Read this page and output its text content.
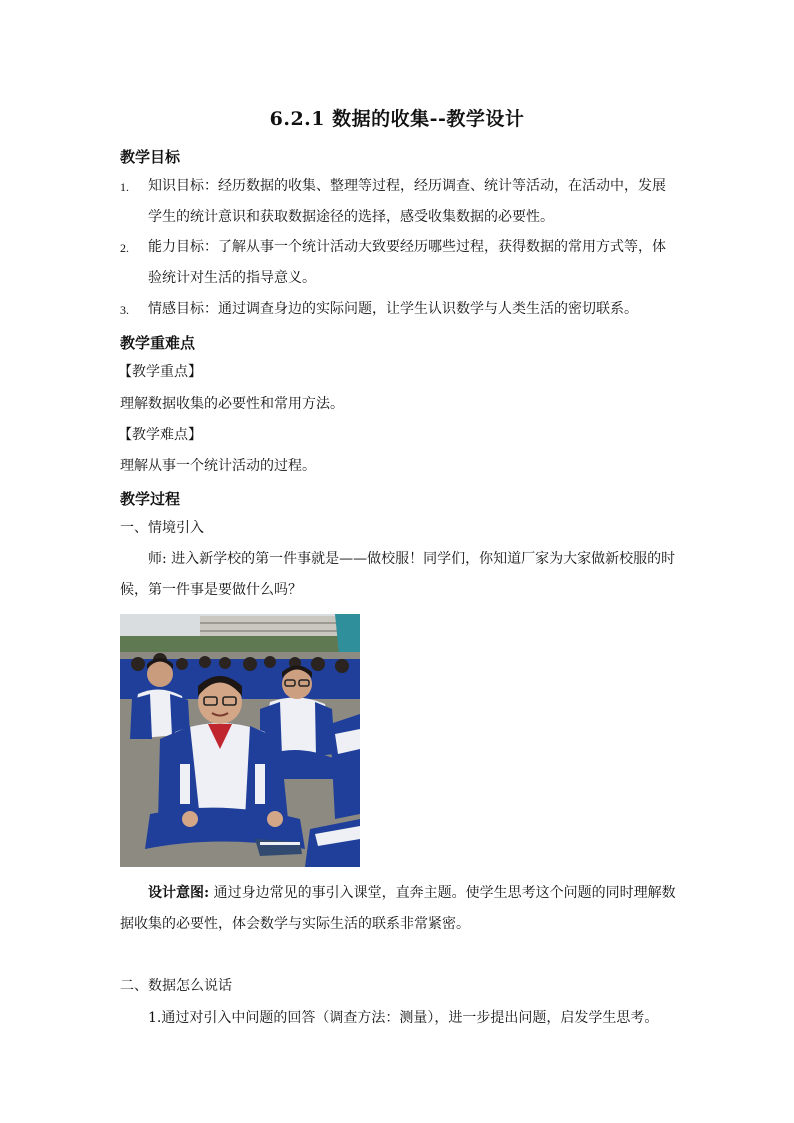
6.2.1 数据的收集--教学设计
教学目标
1. 知识目标：经历数据的收集、整理等过程，经历调查、统计等活动，在活动中，发展
学生的统计意识和获取数据途径的选择，感受收集数据的必要性。
2. 能力目标：了解从事一个统计活动大致要经历哪些过程，获得数据的常用方式等，体
验统计对生活的指导意义。
3. 情感目标：通过调查身边的实际问题，让学生认识数学与人类生活的密切联系。
教学重难点
【教学重点】
理解数据收集的必要性和常用方法。
【教学难点】
理解从事一个统计活动的过程。
教学过程
一、情境引入
师: 进入新学校的第一件事就是——做校服！同学们，你知道厂家为大家做新校服的时
候，第一件事是要做什么吗？
设计意图: 通过身边常见的事引入课堂，直奔主题。使学生思考这个问题的同时理解数
据收集的必要性，体会数学与实际生活的联系非常紧密。
二、数据怎么说话
1.通过对引入中问题的回答（调查方法：测量），进一步提出问题，启发学生思考。
